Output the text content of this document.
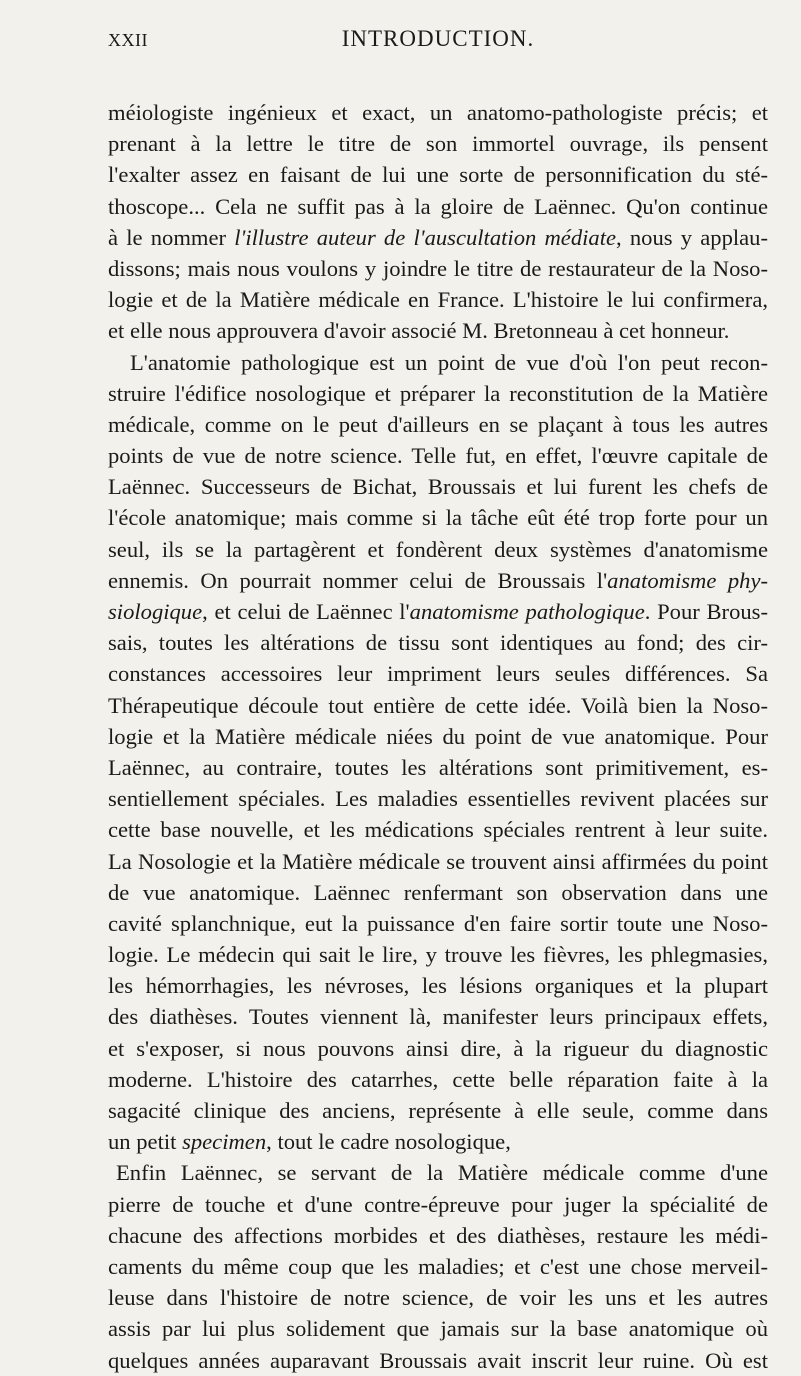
XXII	INTRODUCTION.
méiologiste ingénieux et exact, un anatomo-pathologiste précis; et
prenant à la lettre le titre de son immortel ouvrage, ils pensent
l'exalter assez en faisant de lui une sorte de personnification du sté-
thoscope... Cela ne suffit pas à la gloire de Laënnec. Qu'on continue
à le nommer l'illustre auteur de l'auscultation médiate, nous y applau-
dissons; mais nous voulons y joindre le titre de restaurateur de la Noso-
logie et de la Matière médicale en France. L'histoire le lui confirmera,
et elle nous approuvera d'avoir associé M. Bretonneau à cet honneur.
L'anatomie pathologique est un point de vue d'où l'on peut recon-
struire l'édifice nosologique et préparer la reconstitution de la Matière
médicale, comme on le peut d'ailleurs en se plaçant à tous les autres
points de vue de notre science. Telle fut, en effet, l'œuvre capitale de
Laënnec. Successeurs de Bichat, Broussais et lui furent les chefs de
l'école anatomique; mais comme si la tâche eût été trop forte pour un
seul, ils se la partagèrent et fondèrent deux systèmes d'anatomisme
ennemis. On pourrait nommer celui de Broussais l'anatomisme phy-
siologique, et celui de Laënnec l'anatomisme pathologique. Pour Brous-
sais, toutes les altérations de tissu sont identiques au fond; des cir-
constances accessoires leur impriment leurs seules différences. Sa
Thérapeutique découle tout entière de cette idée. Voilà bien la Noso-
logie et la Matière médicale niées du point de vue anatomique. Pour
Laënnec, au contraire, toutes les altérations sont primitivement, es-
sentiellement spéciales. Les maladies essentielles revivent placées sur
cette base nouvelle, et les médications spéciales rentrent à leur suite.
La Nosologie et la Matière médicale se trouvent ainsi affirmées du point
de vue anatomique. Laënnec renfermant son observation dans une
cavité splanchnique, eut la puissance d'en faire sortir toute une Noso-
logie. Le médecin qui sait le lire, y trouve les fièvres, les phlegmasies,
les hémorrhagies, les névroses, les lésions organiques et la plupart
des diathèses. Toutes viennent là, manifester leurs principaux effets,
et s'exposer, si nous pouvons ainsi dire, à la rigueur du diagnostic
moderne. L'histoire des catarrhes, cette belle réparation faite à la
sagacité clinique des anciens, représente à elle seule, comme dans
un petit specimen, tout le cadre nosologique,
Enfin Laënnec, se servant de la Matière médicale comme d'une
pierre de touche et d'une contre-épreuve pour juger la spécialité de
chacune des affections morbides et des diathèses, restaure les médi-
caments du même coup que les maladies; et c'est une chose merveil-
leuse dans l'histoire de notre science, de voir les uns et les autres
assis par lui plus solidement que jamais sur la base anatomique où
quelques années auparavant Broussais avait inscrit leur ruine. Où est
